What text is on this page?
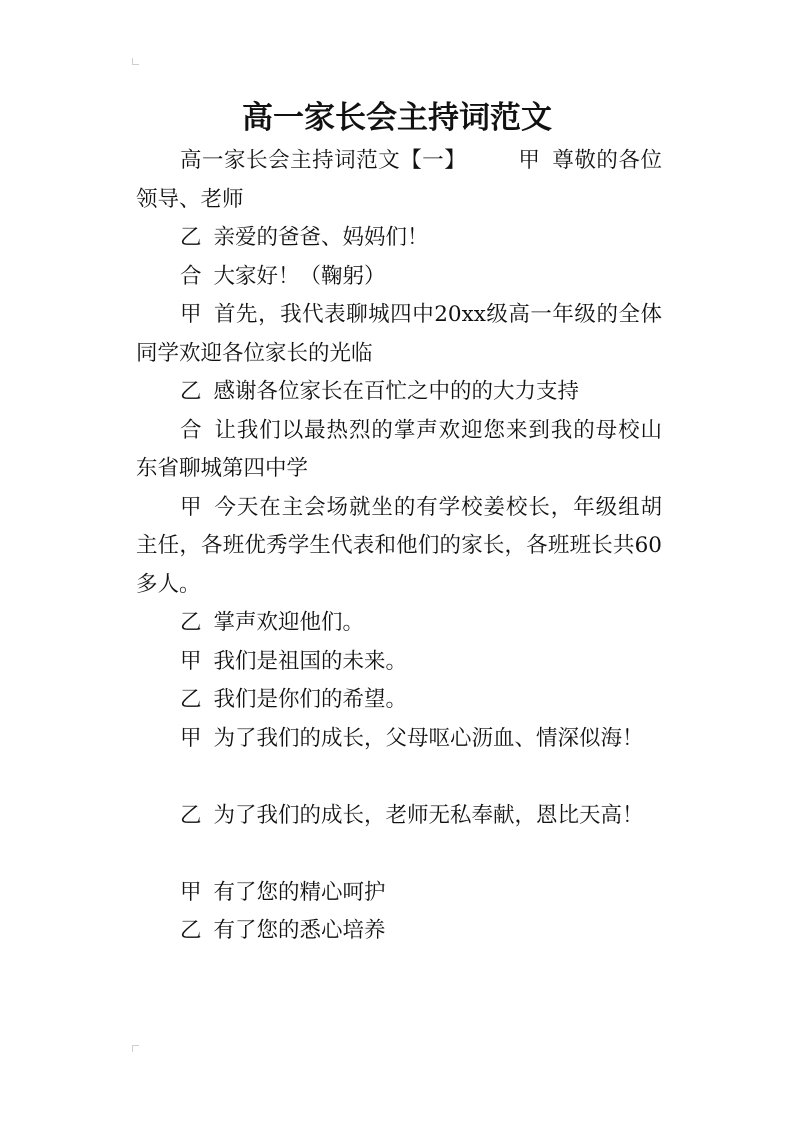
高一家长会主持词范文

高一家长会主持词范文【一】 甲 尊敬的各位领导、老师

乙 亲爱的爸爸、妈妈们！

合 大家好！（鞠躬）

甲 首先，我代表聊城四中20xx级高一年级的全体同学欢迎各位家长的光临

乙 感谢各位家长在百忙之中的的大力支持

合 让我们以最热烈的掌声欢迎您来到我的母校山东省聊城第四中学

甲 今天在主会场就坐的有学校姜校长，年级组胡主任，各班优秀学生代表和他们的家长，各班班长共60多人。

乙 掌声欢迎他们。

甲 我们是祖国的未来。

乙 我们是你们的希望。

甲 为了我们的成长，父母呕心沥血、情深似海！

乙 为了我们的成长，老师无私奉献，恩比天高！

甲 有了您的精心呵护

乙 有了您的悉心培养
